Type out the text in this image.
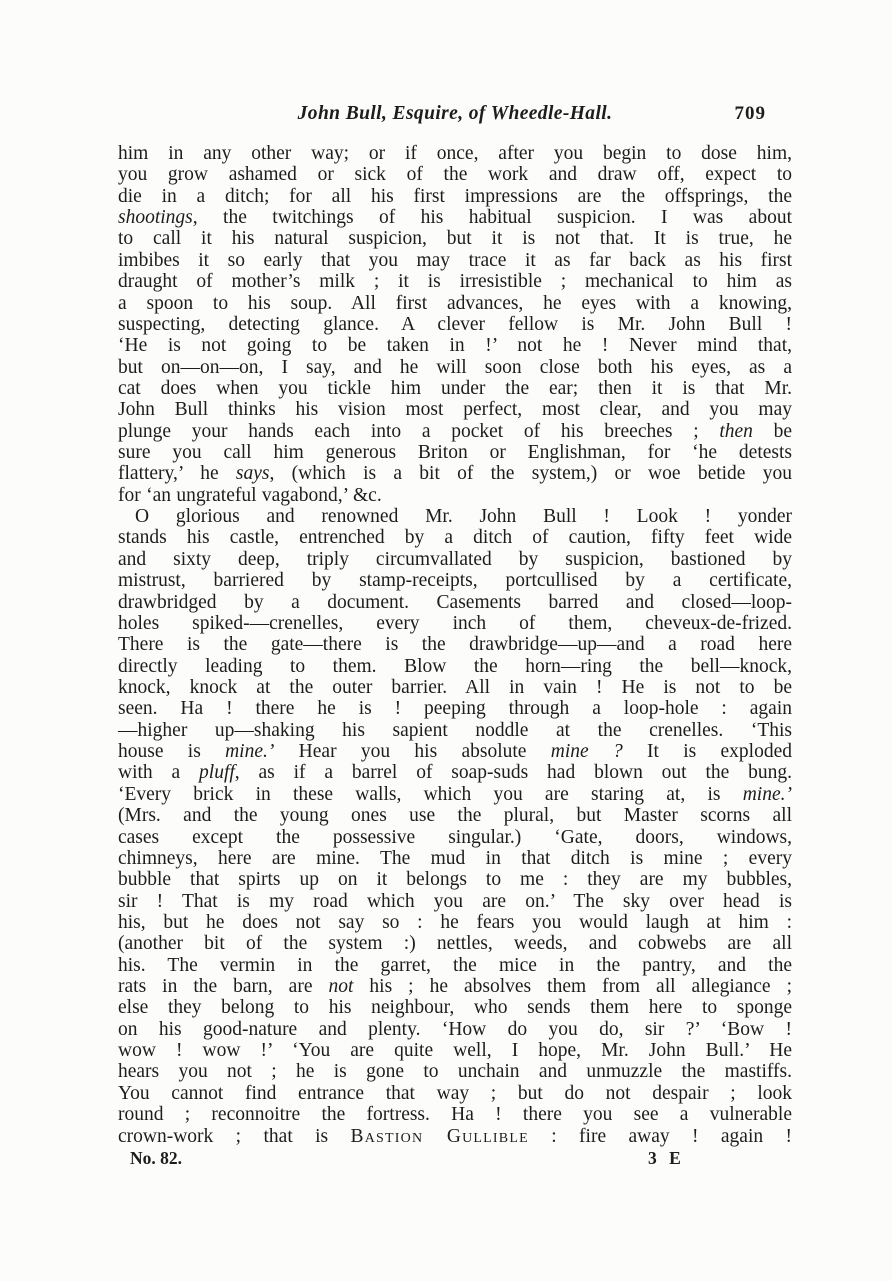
John Bull, Esquire, of Wheedle-Hall.	709
him in any other way; or if once, after you begin to dose him,
you grow ashamed or sick of the work and draw off, expect to
die in a ditch; for all his first impressions are the offsprings, the
shootings, the twitchings of his habitual suspicion. I was about
to call it his natural suspicion, but it is not that. It is true, he
imbibes it so early that you may trace it as far back as his first
draught of mother’s milk ; it is irresistible ; mechanical to him as
a spoon to his soup. All first advances, he eyes with a knowing,
suspecting, detecting glance. A clever fellow is Mr. John Bull !
‘He is not going to be taken in !’ not he ! Never mind that,
but on—on—on, I say, and he will soon close both his eyes, as a
cat does when you tickle him under the ear; then it is that Mr.
John Bull thinks his vision most perfect, most clear, and you may
plunge your hands each into a pocket of his breeches ; then be
sure you call him generous Briton or Englishman, for ‘he detests
flattery,’ he says, (which is a bit of the system,) or woe betide you
for ‘an ungrateful vagabond,’ &c.
O glorious and renowned Mr. John Bull ! Look ! yonder
stands his castle, entrenched by a ditch of caution, fifty feet wide
and sixty deep, triply circumvallated by suspicion, bastioned by
mistrust, barriered by stamp-receipts, portcullised by a certificate,
drawbridged by a document. Casements barred and closed—loop-
holes spiked-—crenelles, every inch of them, cheveux-de-frized.
There is the gate—there is the drawbridge—up—and a road here
directly leading to them. Blow the horn—ring the bell—knock,
knock, knock at the outer barrier. All in vain ! He is not to be
seen. Ha ! there he is ! peeping through a loop-hole : again
—higher up—shaking his sapient noddle at the crenelles. ‘This
house is mine.’ Hear you his absolute mine ? It is exploded
with a pluff, as if a barrel of soap-suds had blown out the bung.
‘Every brick in these walls, which you are staring at, is mine.’
(Mrs. and the young ones use the plural, but Master scorns all
cases except the possessive singular.) ‘Gate, doors, windows,
chimneys, here are mine. The mud in that ditch is mine ; every
bubble that spirts up on it belongs to me : they are my bubbles,
sir ! That is my road which you are on.’ The sky over head is
his, but he does not say so : he fears you would laugh at him :
(another bit of the system :) nettles, weeds, and cobwebs are all
his. The vermin in the garret, the mice in the pantry, and the
rats in the barn, are not his ; he absolves them from all allegiance ;
else they belong to his neighbour, who sends them here to sponge
on his good-nature and plenty. ‘How do you do, sir ?’ ‘Bow !
wow ! wow !’ ‘You are quite well, I hope, Mr. John Bull.’ He
hears you not ; he is gone to unchain and unmuzzle the mastiffs.
You cannot find entrance that way ; but do not despair ; look
round ; reconnoitre the fortress. Ha ! there you see a vulnerable
crown-work ; that is Bastion Gullible : fire away ! again !
No. 82.	3 E
